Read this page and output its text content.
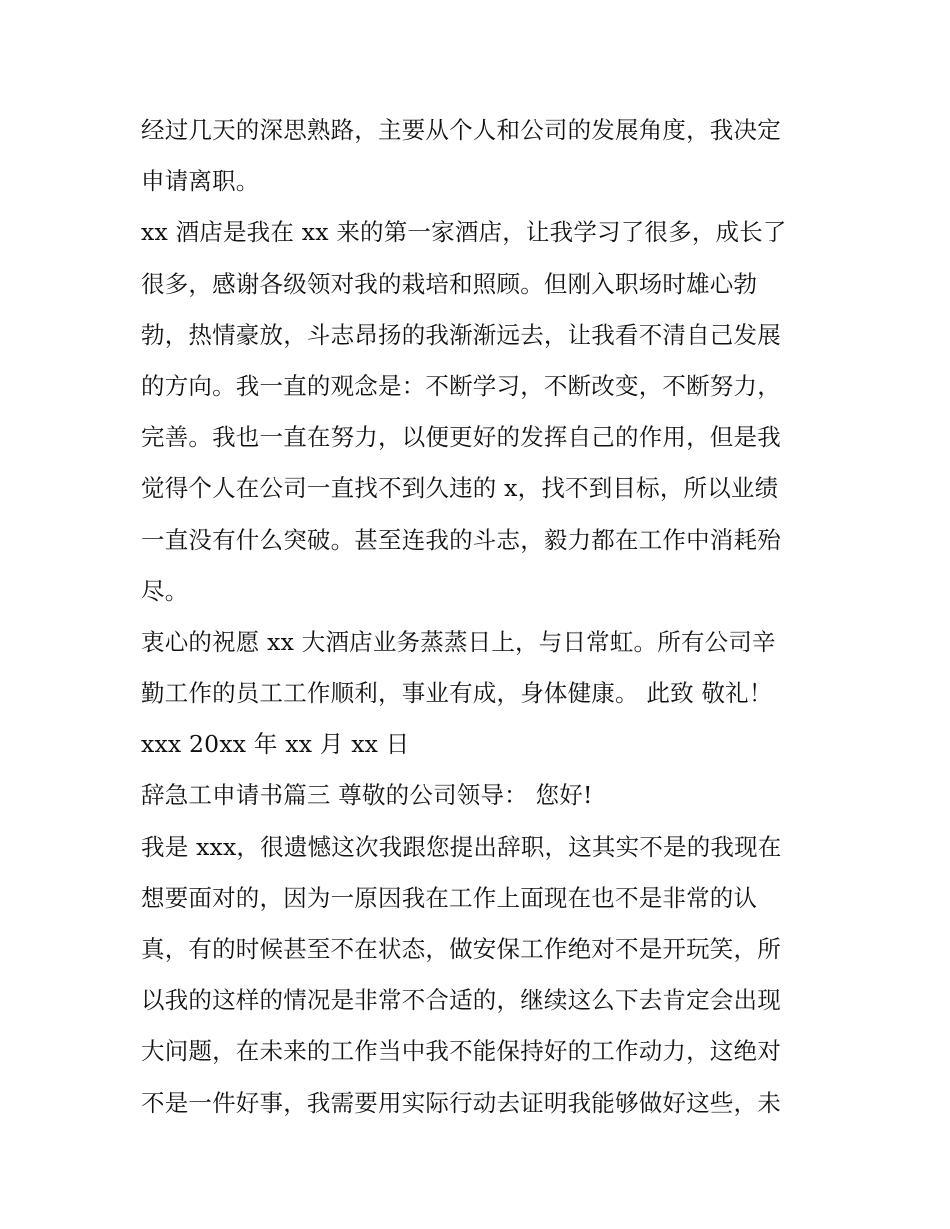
经过几天的深思熟路，主要从个人和公司的发展角度，我决定
申请离职。
xx 酒店是我在 xx 来的第一家酒店，让我学习了很多，成长了
很多，感谢各级领对我的栽培和照顾。但刚入职场时雄心勃
勃，热情豪放，斗志昂扬的我渐渐远去，让我看不清自己发展
的方向。我一直的观念是：不断学习，不断改变，不断努力，
完善。我也一直在努力，以便更好的发挥自己的作用，但是我
觉得个人在公司一直找不到久违的 x，找不到目标，所以业绩
一直没有什么突破。甚至连我的斗志，毅力都在工作中消耗殆
尽。
衷心的祝愿 xx 大酒店业务蒸蒸日上，与日常虹。所有公司辛
勤工作的员工工作顺利，事业有成，身体健康。 此致 敬礼！
xxx 20xx 年 xx 月 xx 日
辞急工申请书篇三 尊敬的公司领导： 您好!
我是 xxx，很遗憾这次我跟您提出辞职，这其实不是的我现在
想要面对的，因为一原因我在工作上面现在也不是非常的认
真，有的时候甚至不在状态，做安保工作绝对不是开玩笑，所
以我的这样的情况是非常不合适的，继续这么下去肯定会出现
大问题，在未来的工作当中我不能保持好的工作动力，这绝对
不是一件好事，我需要用实际行动去证明我能够做好这些，未
